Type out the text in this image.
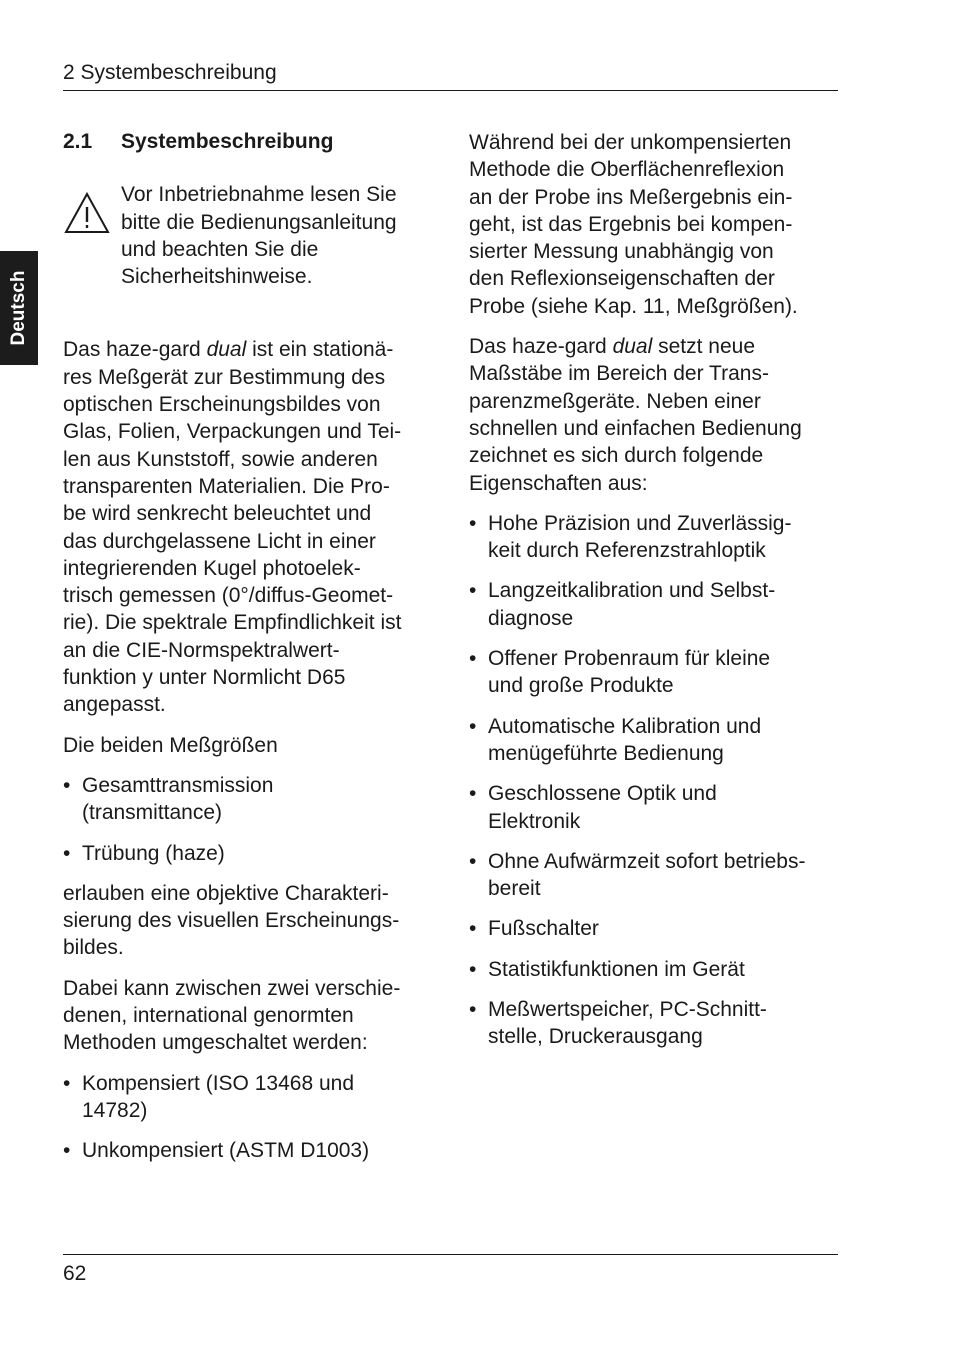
2 Systembeschreibung
Deutsch
2.1	Systembeschreibung
Vor Inbetriebnahme lesen Sie
bitte die Bedienungsanleitung
und beachten Sie die
Sicherheitshinweise.

Das haze-gard dual ist ein stationä-
res Meßgerät zur Bestimmung des
optischen Erscheinungsbildes von
Glas, Folien, Verpackungen und Tei-
len aus Kunststoff, sowie anderen
transparenten Materialien. Die Pro-
be wird senkrecht beleuchtet und
das durchgelassene Licht in einer
integrierenden Kugel photoelek-
trisch gemessen (0°/diffus-Geomet-
rie). Die spektrale Empfindlichkeit ist
an die CIE-Normspektralwert-
funktion y unter Normlicht D65
angepasst.

Die beiden Meßgrößen

• Gesamttransmission
(transmittance)
• Trübung (haze)

erlauben eine objektive Charakteri-
sierung des visuellen Erscheinungs-
bildes.

Dabei kann zwischen zwei verschie-
denen, international genormten
Methoden umgeschaltet werden:

• Kompensiert (ISO 13468 und
14782)
• Unkompensiert (ASTM D1003)

Während bei der unkompensierten
Methode die Oberflächenreflexion
an der Probe ins Meßergebnis ein-
geht, ist das Ergebnis bei kompen-
sierter Messung unabhängig von
den Reflexionseigenschaften der
Probe (siehe Kap. 11, Meßgrößen).

Das haze-gard dual setzt neue
Maßstäbe im Bereich der Trans-
parenzmeßgeräte. Neben einer
schnellen und einfachen Bedienung
zeichnet es sich durch folgende
Eigenschaften aus:

• Hohe Präzision und Zuverlässig-
keit durch Referenzstrahloptik
• Langzeitkalibration und Selbst-
diagnose
• Offener Probenraum für kleine
und große Produkte
• Automatische Kalibration und
menügeführte Bedienung
• Geschlossene Optik und
Elektronik
• Ohne Aufwärmzeit sofort betriebs-
bereit
• Fußschalter
• Statistikfunktionen im Gerät
• Meßwertspeicher, PC-Schnitt-
stelle, Druckerausgang
62
